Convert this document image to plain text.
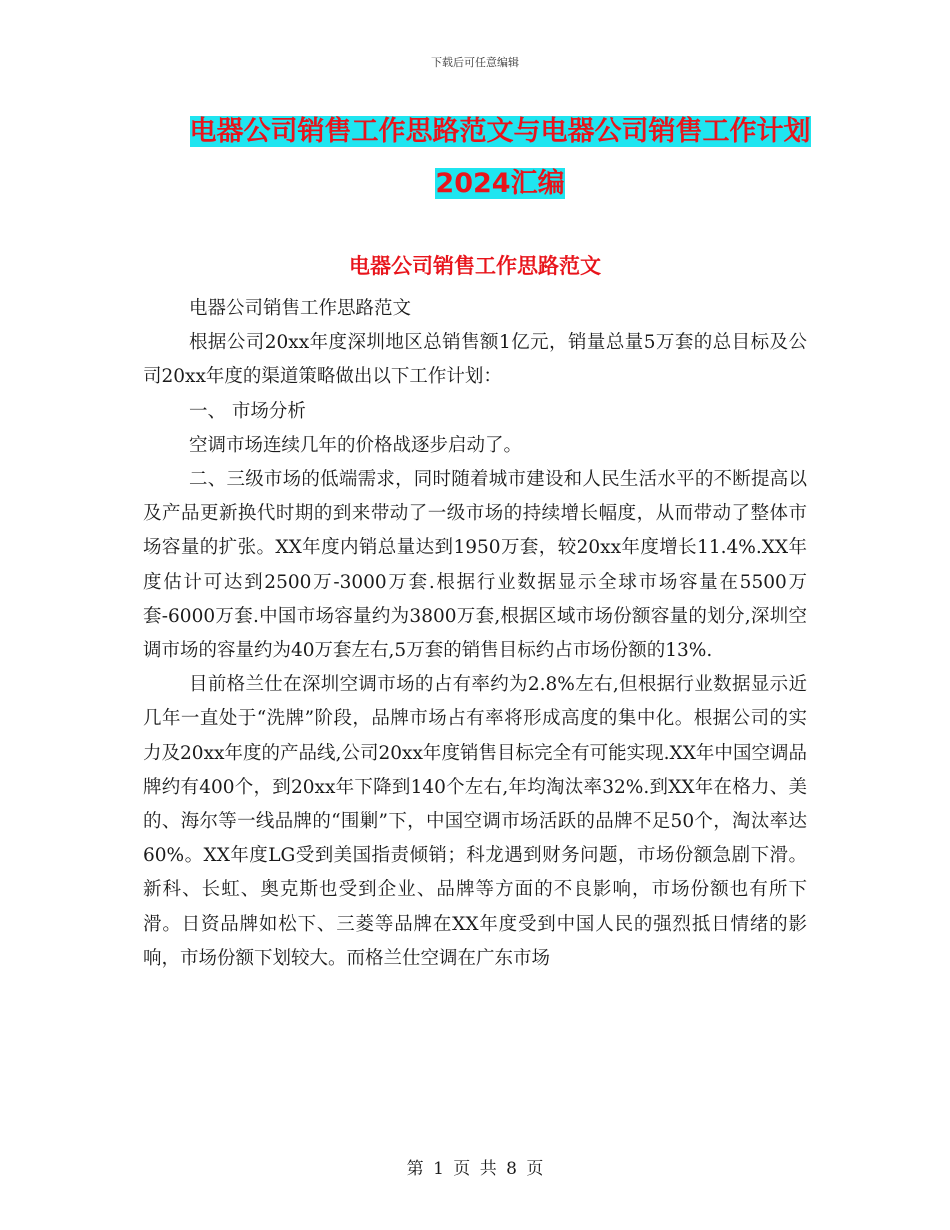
下载后可任意编辑
电器公司销售工作思路范文与电器公司销售工作计划
2024汇编
电器公司销售工作思路范文

电器公司销售工作思路范文

根据公司20xx年度深圳地区总销售额1亿元，销量总量5万套的总目标及公司20xx年度的渠道策略做出以下工作计划：

一、 市场分析

空调市场连续几年的价格战逐步启动了。

二、三级市场的低端需求，同时随着城市建设和人民生活水平的不断提高以及产品更新换代时期的到来带动了一级市场的持续增长幅度，从而带动了整体市场容量的扩张。XX年度内销总量达到1950万套，较20xx年度增长11.4%.XX年度估计可达到2500万-3000万套.根据行业数据显示全球市场容量在5500万套-6000万套.中国市场容量约为3800万套,根据区域市场份额容量的划分,深圳空调市场的容量约为40万套左右,5万套的销售目标约占市场份额的13%.

目前格兰仕在深圳空调市场的占有率约为2.8%左右,但根据行业数据显示近几年一直处于“洗牌”阶段，品牌市场占有率将形成高度的集中化。根据公司的实力及20xx年度的产品线,公司20xx年度销售目标完全有可能实现.XX年中国空调品牌约有400个，到20xx年下降到140个左右,年均淘汰率32%.到XX年在格力、美的、海尔等一线品牌的“围剿”下，中国空调市场活跃的品牌不足50个，淘汰率达60%。XX年度LG受到美国指责倾销；科龙遇到财务问题，市场份额急剧下滑。新科、长虹、奥克斯也受到企业、品牌等方面的不良影响，市场份额也有所下滑。日资品牌如松下、三菱等品牌在XX年度受到中国人民的强烈抵日情绪的影响，市场份额下划较大。而格兰仕空调在广东市场

第 1 页 共 8 页
